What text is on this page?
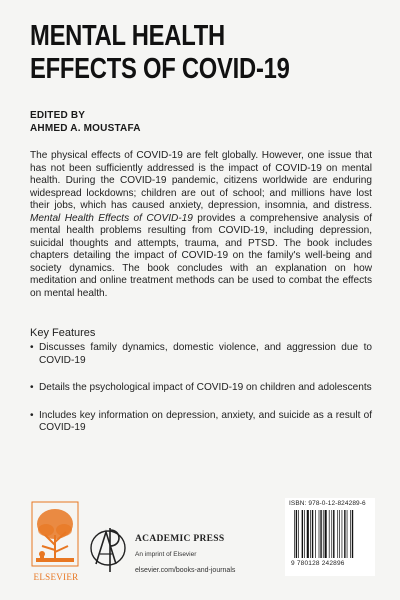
MENTAL HEALTH
EFFECTS OF COVID-19
EDITED BY
AHMED A. MOUSTAFA
The physical effects of COVID-19 are felt globally. However, one issue that has not been sufficiently addressed is the impact of COVID-19 on mental health. During the COVID-19 pandemic, citizens worldwide are enduring widespread lockdowns; children are out of school; and millions have lost their jobs, which has caused anxiety, depression, insomnia, and distress. Mental Health Effects of COVID-19 provides a comprehensive analysis of mental health problems resulting from COVID-19, including depression, suicidal thoughts and attempts, trauma, and PTSD. The book includes chapters detailing the impact of COVID-19 on the family's well-being and society dynamics. The book concludes with an explanation on how meditation and online treatment methods can be used to combat the effects on mental health.
Key Features
• Discusses family dynamics, domestic violence, and aggression due to COVID-19
• Details the psychological impact of COVID-19 on children and adolescents
• Includes key information on depression, anxiety, and suicide as a result of COVID-19
ELSEVIER
ACADEMIC PRESS
An imprint of Elsevier
elsevier.com/books-and-journals
ISBN: 978-0-12-824289-6
9 780128 242896
